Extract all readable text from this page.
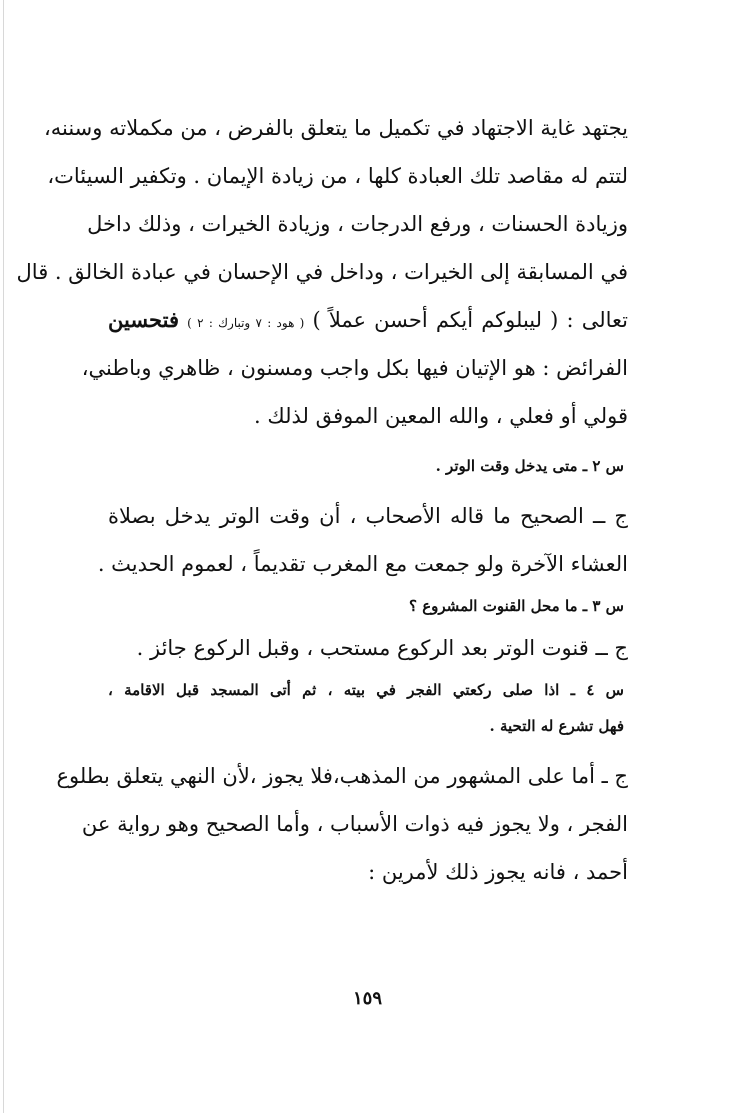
يجتهد غاية الاجتهاد في تكميل ما يتعلق بالفرض ، من مكملاته وسننه،
لتتم له مقاصد تلك العبادة كلها ، من زيادة الإيمان . وتكفير السيئات،
وزيادة الحسنات ، ورفع الدرجات ، وزيادة الخيرات ، وذلك داخل
في المسابقة إلى الخيرات ، وداخل في الإحسان في عبادة الخالق . قال
تعالى : ( ليبلوكم أيكم أحسن عملاً ) ( هود : ٧ وتبارك : ٢ ) فتحسين
الفرائض : هو الإتيان فيها بكل واجب ومسنون ، ظاهري وباطني،
قولي أو فعلي ، والله المعين الموفق لذلك .
س ٢ ـ متى يدخل وقت الوتر .
ج ــ الصحيح ما قاله الأصحاب ، أن وقت الوتر يدخل بصلاة
العشاء الآخرة ولو جمعت مع المغرب تقديماً ، لعموم الحديث .
س ٣ ـ ما محل القنوت المشروع ؟
ج ــ قنوت الوتر بعد الركوع مستحب ، وقبل الركوع جائز .
س ٤ ـ اذا صلى ركعتي الفجر في بيته ، ثم أتى المسجد قبل الاقامة ،
فهل تشرع له التحية .
ج ـ أما على المشهور من المذهب،فلا يجوز ،لأن النهي يتعلق بطلوع
الفجر ، ولا يجوز فيه ذوات الأسباب ، وأما الصحيح وهو رواية عن
أحمد ، فانه يجوز ذلك لأمرين :
١٥٩
